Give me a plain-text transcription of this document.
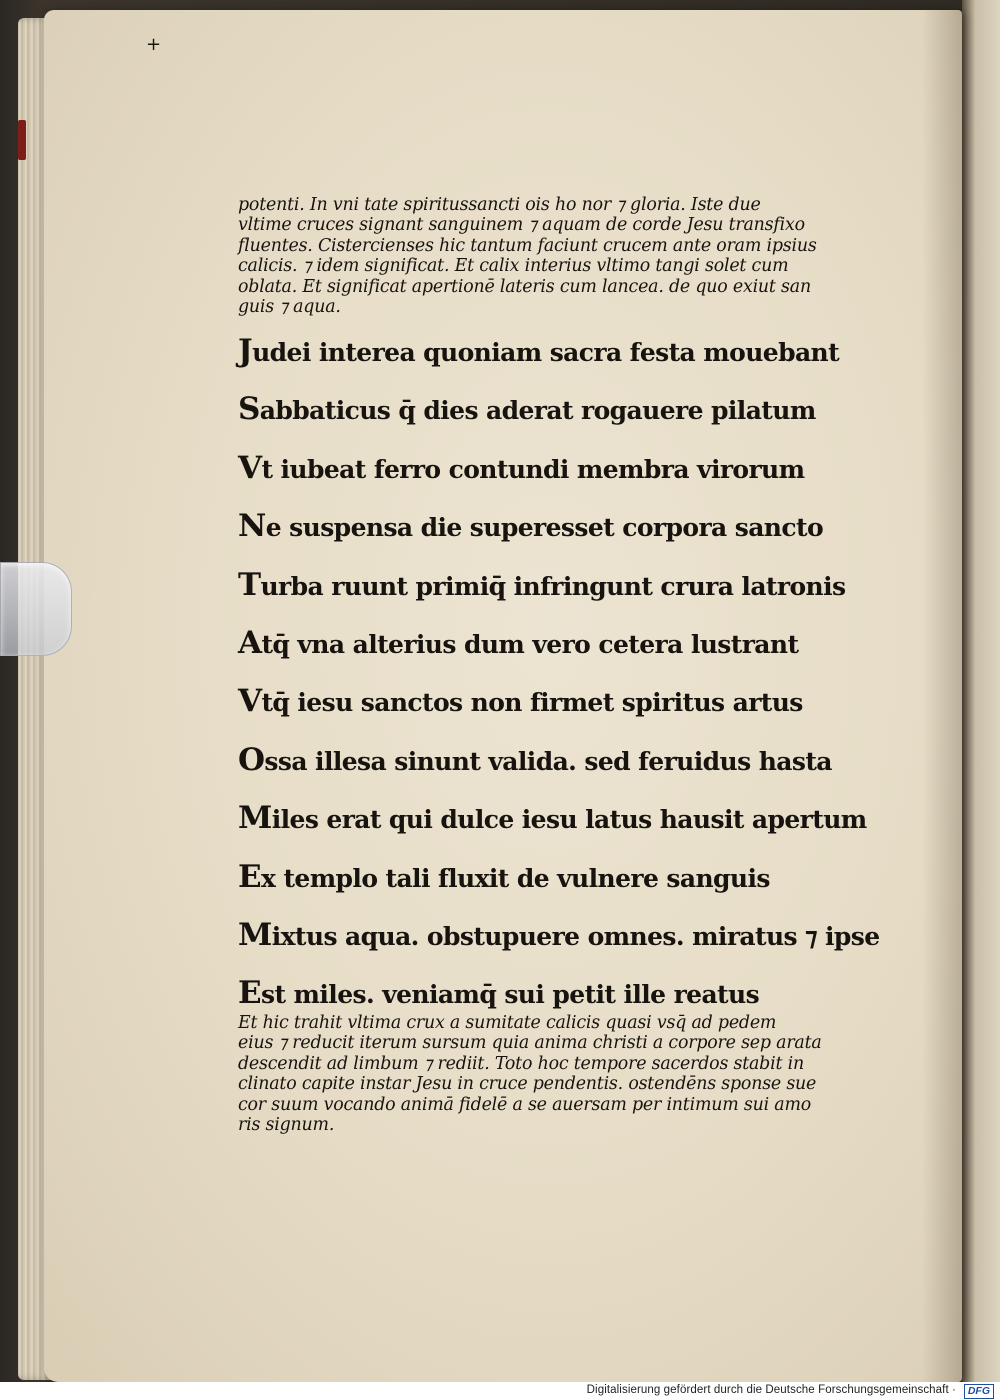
+

potenti. In vni tate spiritussancti ois ho nor ⁊ gloria. Iste due

vltime cruces signant sanguinem ⁊ aquam de corde Jesu transfixo

fluentes. Cistercienses hic tantum faciunt crucem ante oram ipsius

calicis. ⁊ idem significat. Et calix interius vltimo tangi solet cum

oblata. Et significat apertionē lateris cum lancea. de quo exiut san

guis ⁊ aqua.

Judei interea quoniam sacra festa mouebant
Sabbaticus q̄ dies aderat rogauere pilatum
Vt iubeat ferro contundi membra virorum
Ne suspensa die superesset corpora sancto
Turba ruunt primiq̄ infringunt crura latronis
Atq̄ vna alterius dum vero cetera lustrant
Vtq̄ iesu sanctos non firmet spiritus artus
Ossa illesa sinunt valida. sed feruidus hasta
Miles erat qui dulce iesu latus hausit apertum
Ex templo tali fluxit de vulnere sanguis
Mixtus aqua. obstupuere omnes. miratus ⁊ ipse
Est miles. veniamq̄ sui petit ille reatus

Et hic trahit vltima crux a sumitate calicis quasi vsq̄ ad pedem

eius ⁊ reducit iterum sursum quia anima christi a corpore sep arata

descendit ad limbum ⁊ rediit. Toto hoc tempore sacerdos stabit in

clinato capite instar Jesu in cruce pendentis. ostendēns sponse sue

cor suum vocando animā fidelē a se auersam per intimum sui amo

ris signum.

Digitalisierung gefördert durch die Deutsche Forschungsgemeinschaft ·	DFG
